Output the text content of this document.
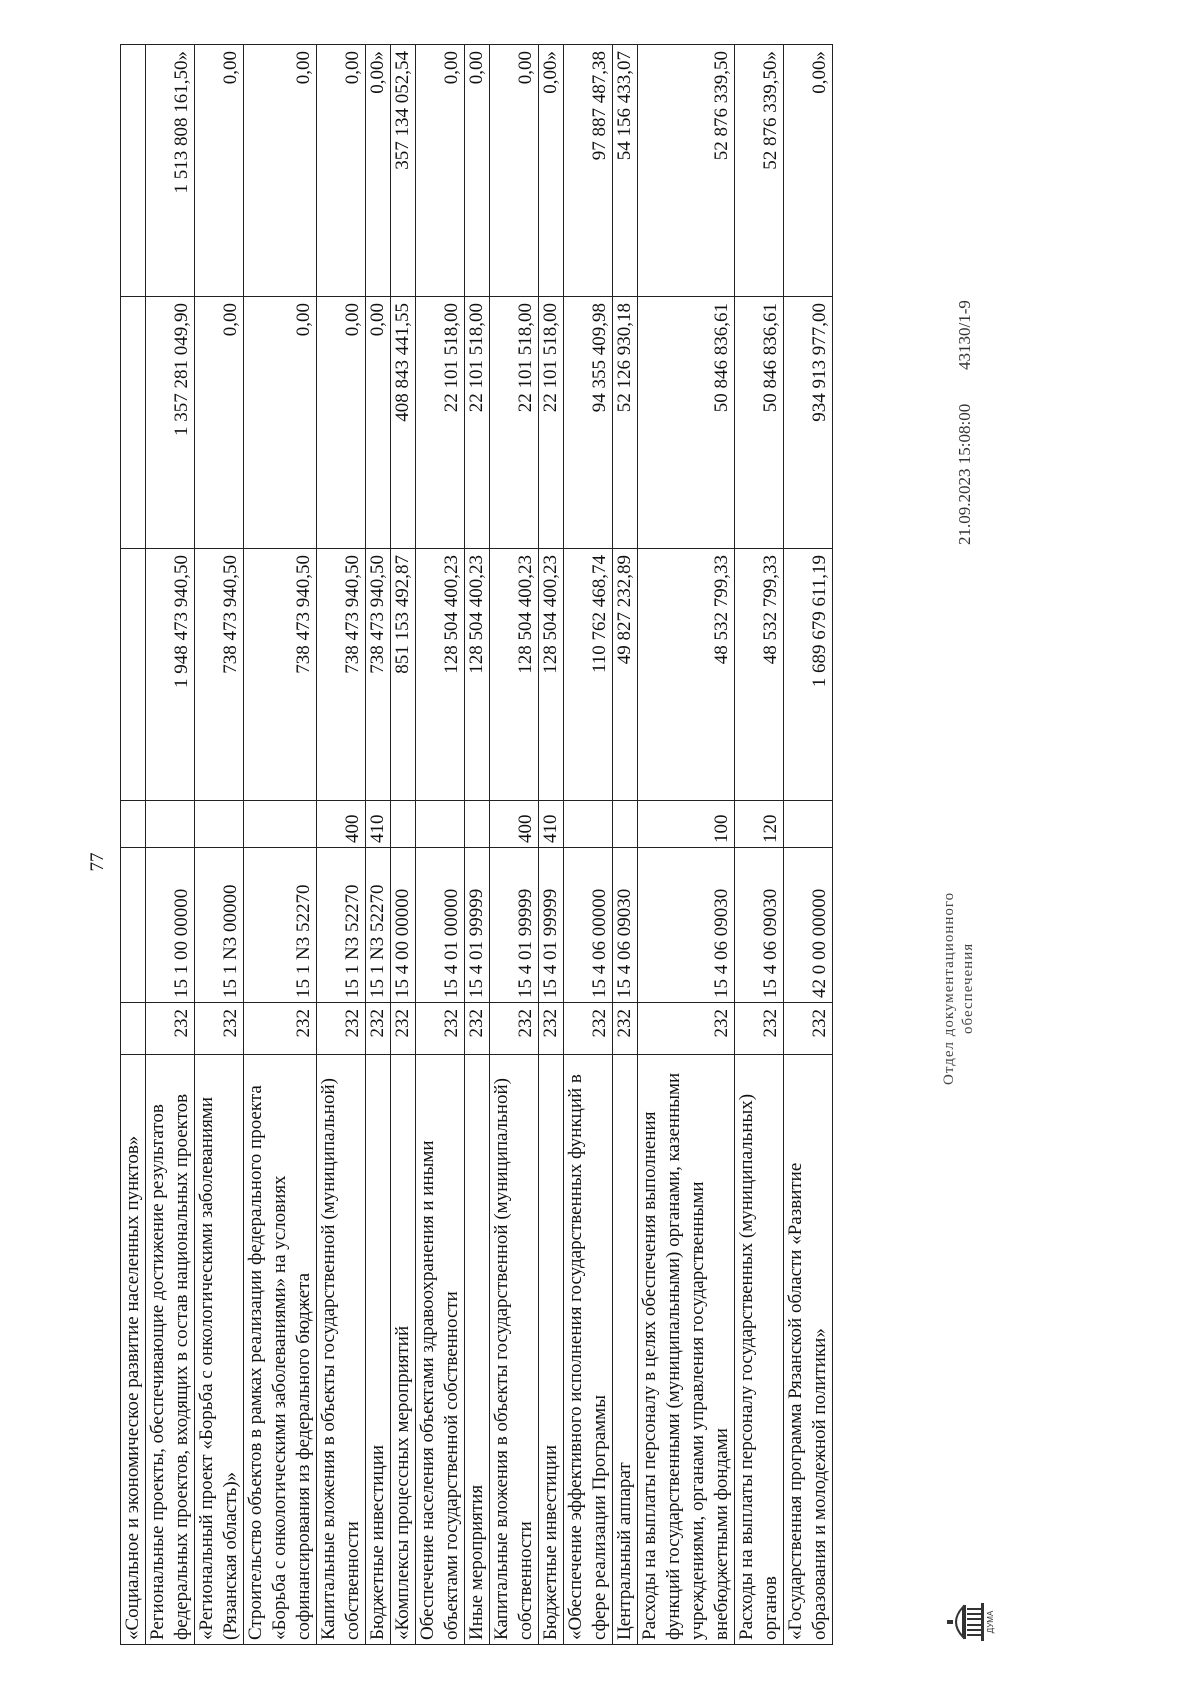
77
«Социальное и экономическое развитие населенных пунктов»						
Региональные проекты, обеспечивающие достижение результатов федеральных проектов, входящих в состав национальных проектов	232	15 1 00 00000		1 948 473 940,50	1 357 281 049,90	1 513 808 161,50»
«Региональный проект «Борьба с онкологическими заболеваниями (Рязанская область)»	232	15 1 N3 00000		738 473 940,50	0,00	0,00
Строительство объектов в рамках реализации федерального проекта «Борьба с онкологическими заболеваниями» на условиях софинансирования из федерального бюджета	232	15 1 N3 52270		738 473 940,50	0,00	0,00
Капитальные вложения в объекты государственной (муниципальной) собственности	232	15 1 N3 52270	400	738 473 940,50	0,00	0,00
Бюджетные инвестиции	232	15 1 N3 52270	410	738 473 940,50	0,00	0,00»
«Комплексы процессных мероприятий	232	15 4 00 00000		851 153 492,87	408 843 441,55	357 134 052,54
Обеспечение населения объектами здравоохранения и иными объектами государственной собственности	232	15 4 01 00000		128 504 400,23	22 101 518,00	0,00
Иные мероприятия	232	15 4 01 99999		128 504 400,23	22 101 518,00	0,00
Капитальные вложения в объекты государственной (муниципальной) собственности	232	15 4 01 99999	400	128 504 400,23	22 101 518,00	0,00
Бюджетные инвестиции	232	15 4 01 99999	410	128 504 400,23	22 101 518,00	0,00»
«Обеспечение эффективного исполнения государственных функций в сфере реализации Программы	232	15 4 06 00000		110 762 468,74	94 355 409,98	97 887 487,38
Центральный аппарат	232	15 4 06 09030		49 827 232,89	52 126 930,18	54 156 433,07
Расходы на выплаты персоналу в целях обеспечения выполнения функций государственными (муниципальными) органами, казенными учреждениями, органами управления государственными внебюджетными фондами	232	15 4 06 09030	100	48 532 799,33	50 846 836,61	52 876 339,50
Расходы на выплаты персоналу государственных (муниципальных) органов	232	15 4 06 09030	120	48 532 799,33	50 846 836,61	52 876 339,50»
«Государственная программа Рязанской области «Развитие образования и молодежной политики»	232	42 0 00 00000		1 689 679 611,19	934 913 977,00	0,00»
ДУМА
21.09.2023 15:08:00
43130/1-9
Отдел документационного обеспечения
